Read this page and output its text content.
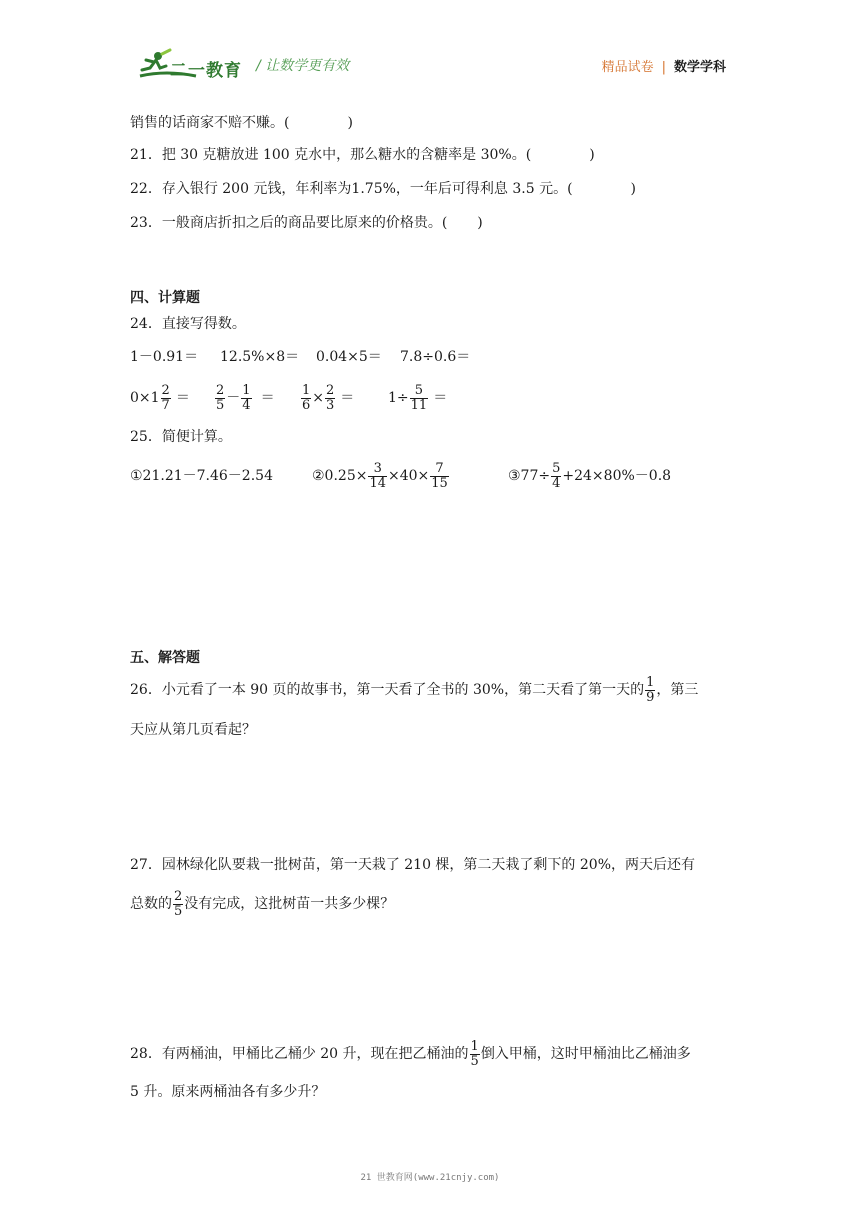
二一教育 / 让数学更有效	精品试卷 | 数学学科
销售的话商家不赔不赚。(	)
21．把 30 克糖放进 100 克水中，那么糖水的含糖率是 30%。(	)
22．存入银行 200 元钱，年利率为1.75%，一年后可得利息 3.5 元。(	)
23．一般商店折扣之后的商品要比原来的价格贵。( )
四、计算题
24．直接写得数。
1－0.91＝ 12.5%×8＝ 0.04×5＝ 7.8÷0.6＝
$0\times 1 \frac{2}{7} = \frac{2}{5} - \frac{1}{4} = \frac{1}{6} \times \frac{2}{3} = 1\div \frac{5}{11}$ ＝
25．简便计算。
①21.21－7.46－2.54	②0.25× $\frac{3}{14} \times 40\times \frac{7}{15}$	③77÷ $\frac{5}{4} +24\times 80\%-0.8$
五、解答题
26．小元看了一本 90 页的故事书，第一天看了全书的 30%，第二天看了第一天的 $\frac{1}{9}$ ，第三
天应从第几页看起？
27．园林绿化队要栽一批树苗，第一天栽了 210 棵，第二天栽了剩下的 20%，两天后还有
总数的 $\frac{2}{5}$ 没有完成，这批树苗一共多少棵？
28．有两桶油，甲桶比乙桶少 20 升，现在把乙桶油的 $\frac{1}{5}$ 倒入甲桶，这时甲桶油比乙桶油多
5 升。原来两桶油各有多少升？
21 世教育网(www.21cnjy.com)
